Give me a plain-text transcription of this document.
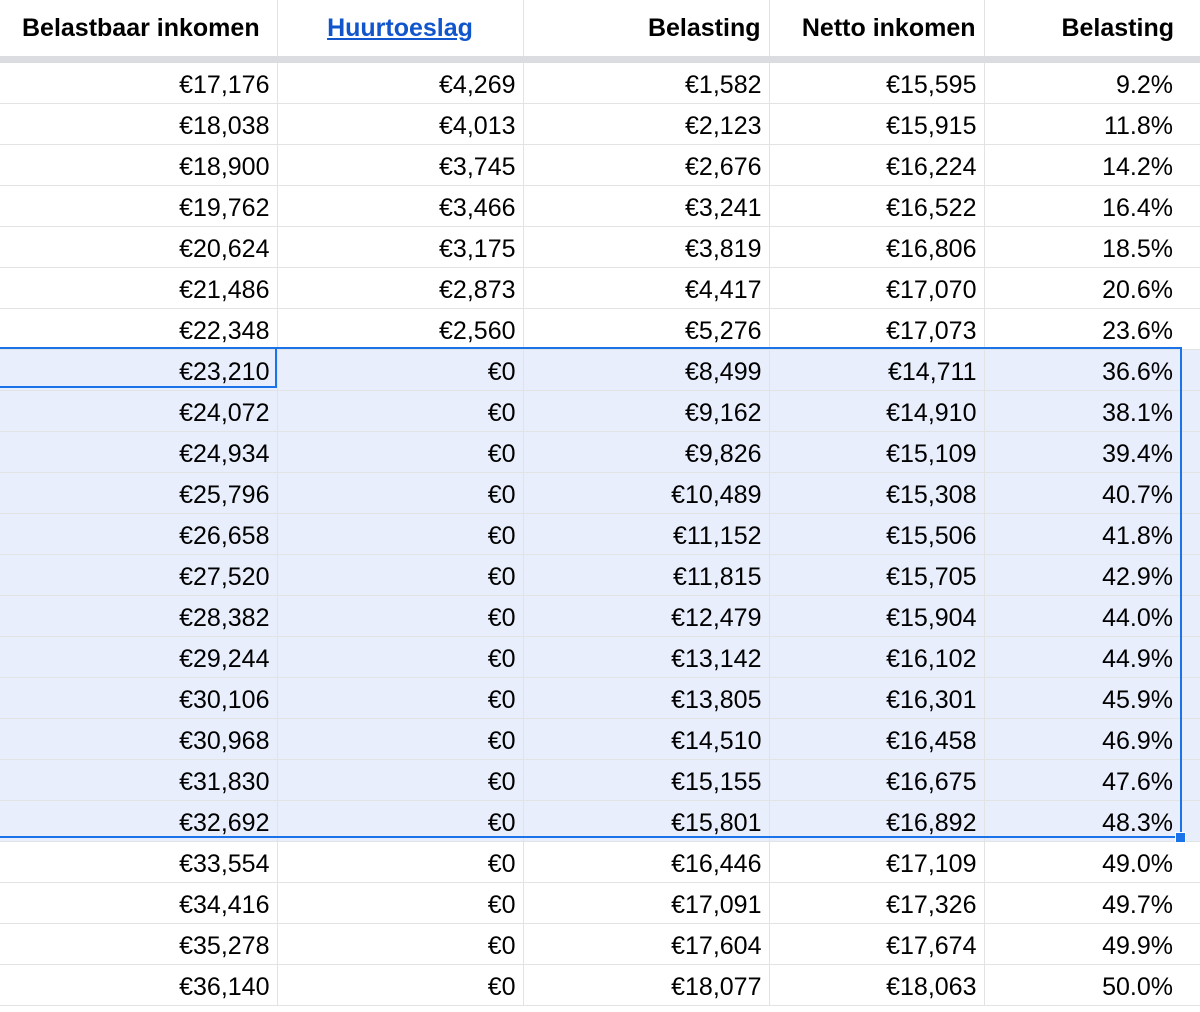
Belastbaar inkomen	Huurtoeslag	Belasting	Netto inkomen	Belasting
€17,176	€4,269	€1,582	€15,595	9.2%
€18,038	€4,013	€2,123	€15,915	11.8%
€18,900	€3,745	€2,676	€16,224	14.2%
€19,762	€3,466	€3,241	€16,522	16.4%
€20,624	€3,175	€3,819	€16,806	18.5%
€21,486	€2,873	€4,417	€17,070	20.6%
€22,348	€2,560	€5,276	€17,073	23.6%
€23,210	€0	€8,499	€14,711	36.6%
€24,072	€0	€9,162	€14,910	38.1%
€24,934	€0	€9,826	€15,109	39.4%
€25,796	€0	€10,489	€15,308	40.7%
€26,658	€0	€11,152	€15,506	41.8%
€27,520	€0	€11,815	€15,705	42.9%
€28,382	€0	€12,479	€15,904	44.0%
€29,244	€0	€13,142	€16,102	44.9%
€30,106	€0	€13,805	€16,301	45.9%
€30,968	€0	€14,510	€16,458	46.9%
€31,830	€0	€15,155	€16,675	47.6%
€32,692	€0	€15,801	€16,892	48.3%
€33,554	€0	€16,446	€17,109	49.0%
€34,416	€0	€17,091	€17,326	49.7%
€35,278	€0	€17,604	€17,674	49.9%
€36,140	€0	€18,077	€18,063	50.0%
